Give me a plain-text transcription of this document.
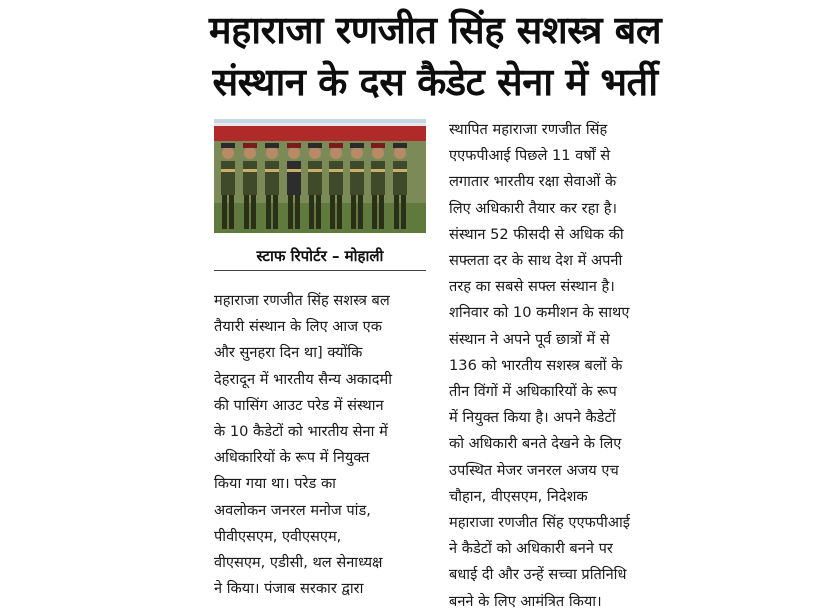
महाराजा रणजीत सिंह सशस्त्र बल
संस्थान के दस कैडेट सेना में भर्ती
स्टाफ रिपोर्टर – मोहाली
महाराजा रणजीत सिंह सशस्त्र बल
तैयारी संस्थान के लिए आज एक
और सुनहरा दिन था] क्योंकि
देहरादून में भारतीय सैन्य अकादमी
की पासिंग आउट परेड में संस्थान
के 10 कैडेटों को भारतीय सेना में
अधिकारियों के रूप में नियुक्त
किया गया था। परेड का
अवलोकन जनरल मनोज पांड,
पीवीएसएम, एवीएसएम,
वीएसएम, एडीसी, थल सेनाध्यक्ष
ने किया। पंजाब सरकार द्वारा
स्थापित महाराजा रणजीत सिंह
एएफपीआई पिछले 11 वर्षों से
लगातार भारतीय रक्षा सेवाओं के
लिए अधिकारी तैयार कर रहा है।
संस्थान 52 फीसदी से अधिक की
सफ्लता दर के साथ देश में अपनी
तरह का सबसे सफ्ल संस्थान है।
शनिवार को 10 कमीशन के साथए
संस्थान ने अपने पूर्व छात्रों में से
136 को भारतीय सशस्त्र बलों के
तीन विंगों में अधिकारियों के रूप
में नियुक्त किया है। अपने कैडेटों
को अधिकारी बनते देखने के लिए
उपस्थित मेजर जनरल अजय एच
चौहान, वीएसएम, निदेशक
महाराजा रणजीत सिंह एएफपीआई
ने कैडेटों को अधिकारी बनने पर
बधाई दी और उन्हें सच्चा प्रतिनिधि
बनने के लिए आमंत्रित किया।
